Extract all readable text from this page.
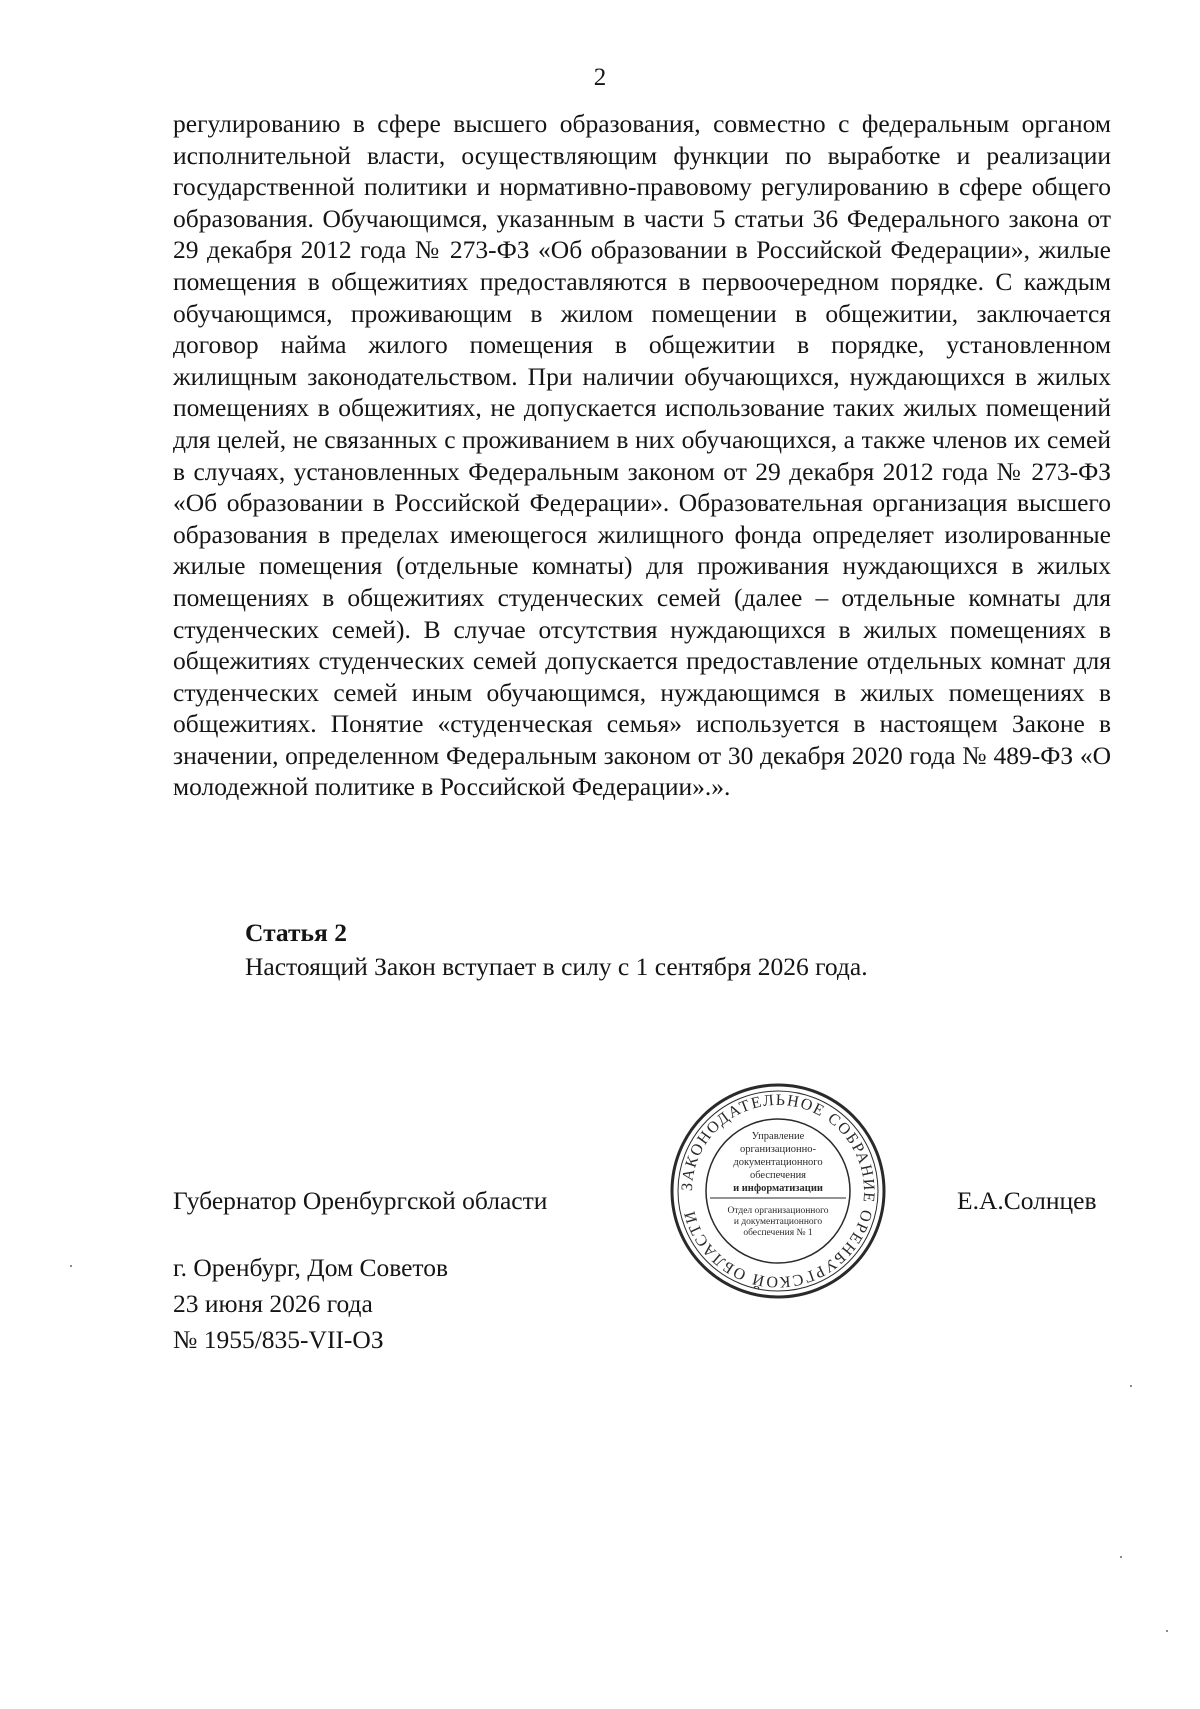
2

регулированию в сфере высшего образования, совместно с федеральным органом исполнительной власти, осуществляющим функции по выработке и реализации государственной политики и нормативно-правовому регулированию в сфере общего образования. Обучающимся, указанным в части 5 статьи 36 Федерального закона от 29 декабря 2012 года № 273-ФЗ «Об образовании в Российской Федерации», жилые помещения в общежитиях предоставляются в первоочередном порядке. С каждым обучающимся, проживающим в жилом помещении в общежитии, заключается договор найма жилого помещения в общежитии в порядке, установленном жилищным законодательством. При наличии обучающихся, нуждающихся в жилых помещениях в общежитиях, не допускается использование таких жилых помещений для целей, не связанных с проживанием в них обучающихся, а также членов их семей в случаях, установленных Федеральным законом от 29 декабря 2012 года № 273-ФЗ «Об образовании в Российской Федерации». Образовательная организация высшего образования в пределах имеющегося жилищного фонда определяет изолированные жилые помещения (отдельные комнаты) для проживания нуждающихся в жилых помещениях в общежитиях студенческих семей (далее – отдельные комнаты для студенческих семей). В случае отсутствия нуждающихся в жилых помещениях в общежитиях студенческих семей допускается предоставление отдельных комнат для студенческих семей иным обучающимся, нуждающимся в жилых помещениях в общежитиях. Понятие «студенческая семья» используется в настоящем Законе в значении, определенном Федеральным законом от 30 декабря 2020 года № 489-ФЗ «О молодежной политике в Российской Федерации».».

Статья 2
Настоящий Закон вступает в силу с 1 сентября 2026 года.
Губернатор Оренбургской области	Е.А.Солнцев
ЗАКОНОДАТЕЛЬНОЕ СОБРАНИЕ ОРЕНБУРГСКОЙ ОБЛАСТИ
Управление
организационно-
документационного
обеспечения
и информатизации
Отдел организационного
и документационного
обеспечения № 1
г. Оренбург, Дом Советов
23 июня 2026 года
№ 1955/835-VII-ОЗ
